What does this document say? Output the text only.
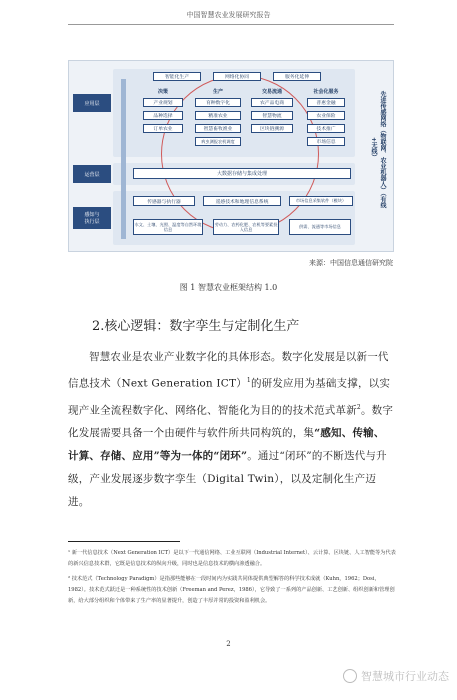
中国智慧农业发展研究报告
应用层
运营层
感知与
执行层
智能化生产	网络化协同	服务化延伸
决策	生产	交易流通	社会化服务
产业规划
品种选择
订单农业
育种数字化
精准农业
智慧畜牧渔业
病虫测报农机调度
农产品电商
智慧物流
区块链溯源
普惠金融
农业保险
技术推广
市场信息
大数据存储与集成处理
传感器与执行器	遥感技术和地理信息系统	市场信息采集软件（模块）
水文、土壤、光照、温度等自然环境信息
劳动力、农药化肥、农机等要素投入信息
供需、流通等市场信息
先进传感网络（物联网、农业机器人）（有线+无线）
来源：中国信息通信研究院
图 1 智慧农业框架结构 1.0
2.核心逻辑：数字孪生与定制化生产
智慧农业是农业产业数字化的具体形态。数字化发展是以新一代信息技术（Next Generation ICT）$^1$的研发应用为基础支撑，以实现产业全流程数字化、网络化、智能化为目的的技术范式革新$^2$。数字化发展需要具备一个由硬件与软件所共同构筑的，集“感知、传输、计算、存储、应用”等为一体的“闭环”。通过“闭环”的不断迭代与升级，产业发展逐步数字孪生（Digital Twin），以及定制化生产迈进。
¹ 新一代信息技术（Next Generation ICT）是以下一代通信网络、工业互联网（Industrial Internet）、云计算、区块链、人工智能等为代表的新兴信息技术群，它既是信息技术的纵向升级，同时也是信息技术的横向渗透融合。
² 技术范式（Technology Paradigm）是指那些能够在一段时间内为实践共同体提供典型解答的科学技术成就（Kuhn，1962；Dosi，1982）。技术范式跃迁是一种系统性的技术创新（Freeman and Perez，1986），它导致了一系列的产品创新、工艺创新、组织创新和管理创新，给大部分组织和个体带来了生产率的显著提升，创造了丰厚并常的投资和盈利机会。
2
智慧城市行业动态
